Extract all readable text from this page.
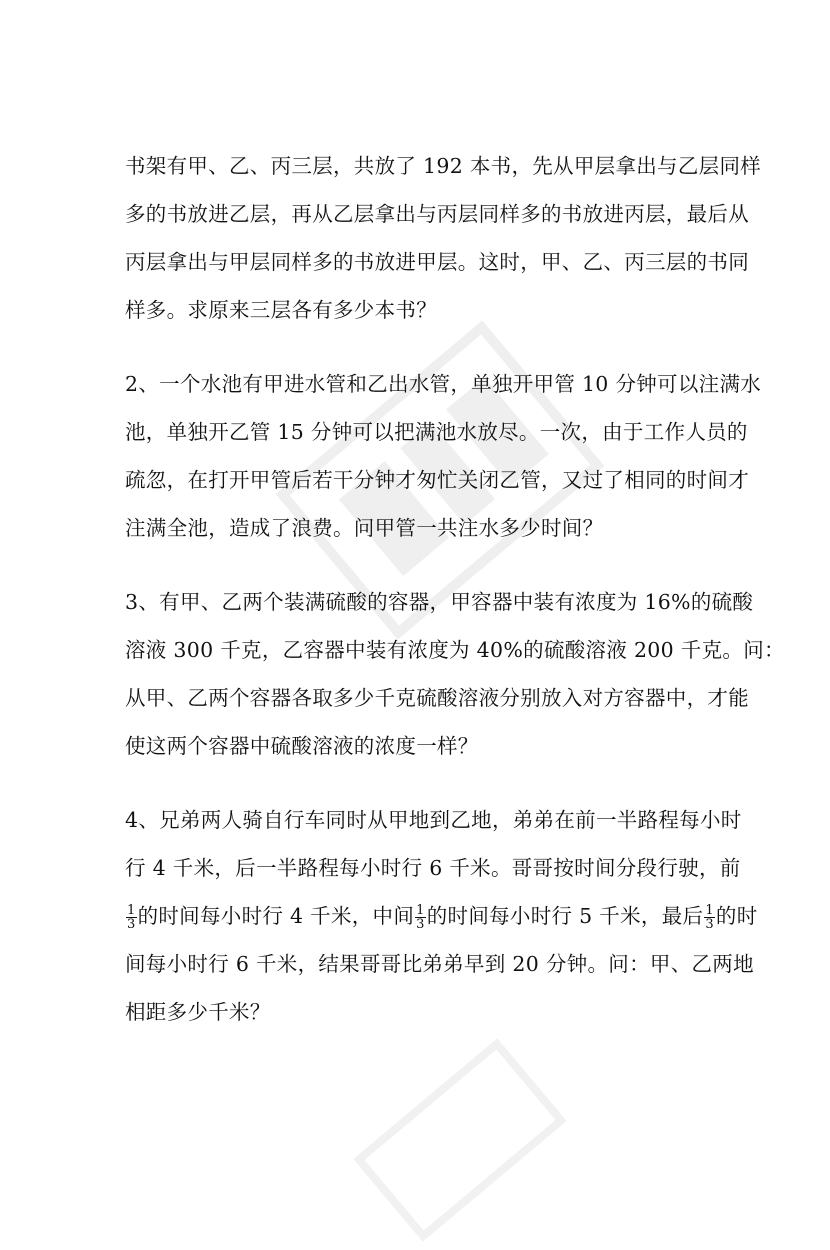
书架有甲、乙、丙三层，共放了 192 本书，先从甲层拿出与乙层同样
多的书放进乙层，再从乙层拿出与丙层同样多的书放进丙层，最后从
丙层拿出与甲层同样多的书放进甲层。这时，甲、乙、丙三层的书同
样多。求原来三层各有多少本书？
2、一个水池有甲进水管和乙出水管，单独开甲管 10 分钟可以注满水
池，单独开乙管 15 分钟可以把满池水放尽。一次，由于工作人员的
疏忽，在打开甲管后若干分钟才匆忙关闭乙管，又过了相同的时间才
注满全池，造成了浪费。问甲管一共注水多少时间？
3、有甲、乙两个装满硫酸的容器，甲容器中装有浓度为 16%的硫酸
溶液 300 千克，乙容器中装有浓度为 40%的硫酸溶液 200 千克。问：
从甲、乙两个容器各取多少千克硫酸溶液分别放入对方容器中，才能
使这两个容器中硫酸溶液的浓度一样？
4、兄弟两人骑自行车同时从甲地到乙地，弟弟在前一半路程每小时
行 4 千米，后一半路程每小时行 6 千米。哥哥按时间分段行驶，前
$\frac{1}{3}$ 的时间每小时行 4 千米，中间 $\frac{1}{3}$ 的时间每小时行 5 千米，最后 $\frac{1}{3}$ 的时
间每小时行 6 千米，结果哥哥比弟弟早到 20 分钟。问：甲、乙两地
相距多少千米？
